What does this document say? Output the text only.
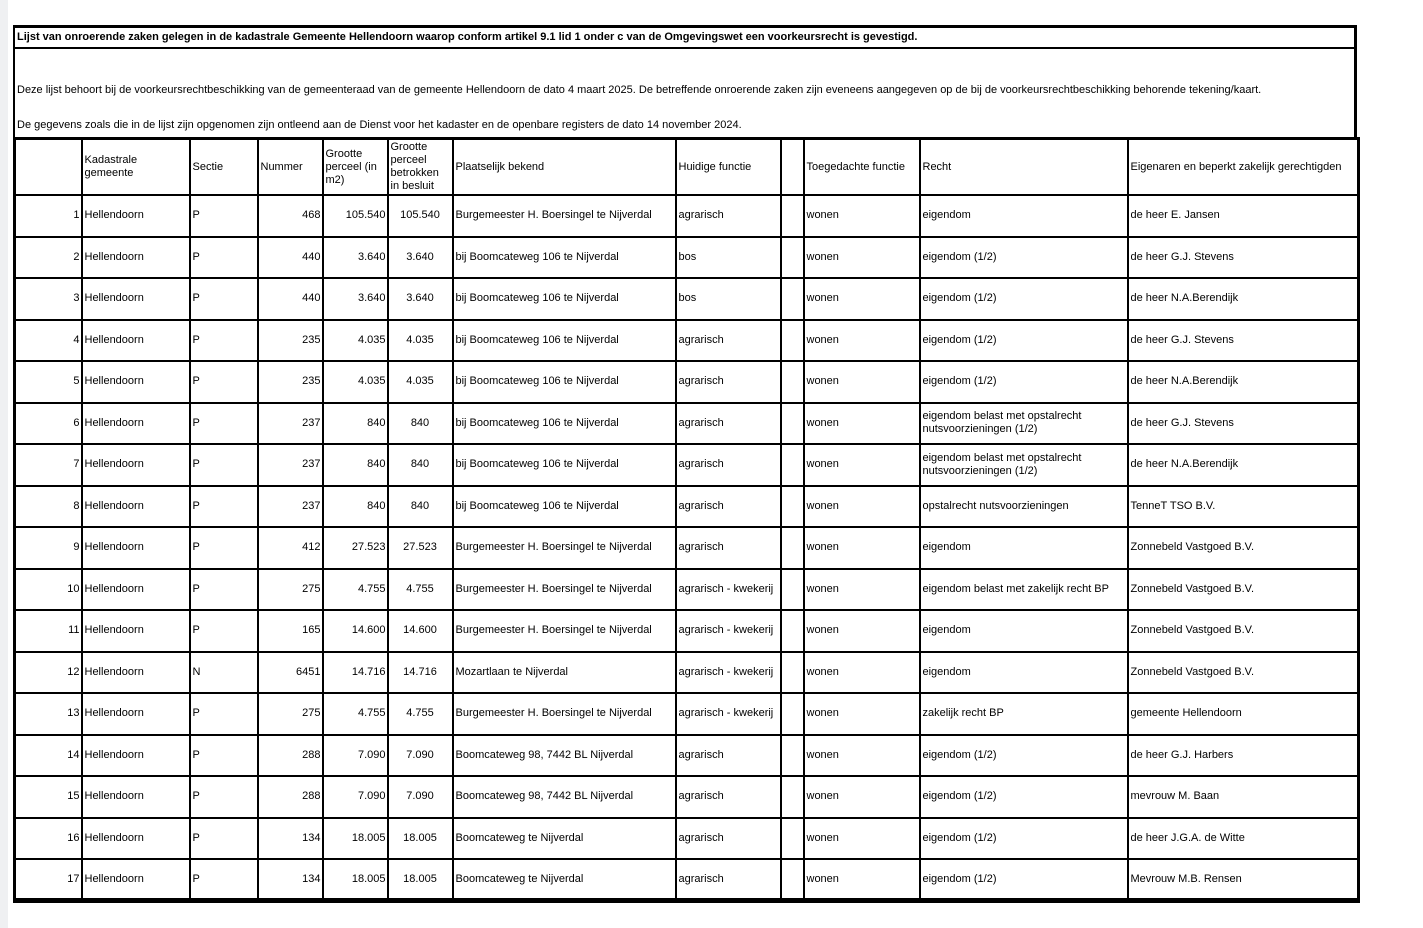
Lijst van onroerende zaken gelegen in de kadastrale Gemeente Hellendoorn waarop conform artikel 9.1 lid 1 onder c van de Omgevingswet een voorkeursrecht is gevestigd.
Deze lijst behoort bij de voorkeursrechtbeschikking van de gemeenteraad van de gemeente Hellendoorn de dato 4 maart 2025. De betreffende onroerende zaken zijn eveneens aangegeven op de bij de voorkeursrechtbeschikking behorende tekening/kaart.
De gegevens zoals die in de lijst zijn opgenomen zijn ontleend aan de Dienst voor het kadaster en de openbare registers de dato 14 november 2024.
	Kadastrale gemeente	Sectie	Nummer	Grootte perceel (in m2)	Grootte perceel betrokken in besluit	Plaatselijk bekend	Huidige functie		Toegedachte functie	Recht	Eigenaren en beperkt zakelijk gerechtigden
1	Hellendoorn	P	468	105.540	105.540	Burgemeester H. Boersingel te Nijverdal	agrarisch		wonen	eigendom	de heer E. Jansen
2	Hellendoorn	P	440	3.640	3.640	bij Boomcateweg 106 te Nijverdal	bos		wonen	eigendom (1/2)	de heer G.J. Stevens
3	Hellendoorn	P	440	3.640	3.640	bij Boomcateweg 106 te Nijverdal	bos		wonen	eigendom (1/2)	de heer N.A.Berendijk
4	Hellendoorn	P	235	4.035	4.035	bij Boomcateweg 106 te Nijverdal	agrarisch		wonen	eigendom (1/2)	de heer G.J. Stevens
5	Hellendoorn	P	235	4.035	4.035	bij Boomcateweg 106 te Nijverdal	agrarisch		wonen	eigendom (1/2)	de heer N.A.Berendijk
6	Hellendoorn	P	237	840	840	bij Boomcateweg 106 te Nijverdal	agrarisch		wonen	eigendom belast met opstalrecht nutsvoorzieningen (1/2)	de heer G.J. Stevens
7	Hellendoorn	P	237	840	840	bij Boomcateweg 106 te Nijverdal	agrarisch		wonen	eigendom belast met opstalrecht nutsvoorzieningen (1/2)	de heer N.A.Berendijk
8	Hellendoorn	P	237	840	840	bij Boomcateweg 106 te Nijverdal	agrarisch		wonen	opstalrecht nutsvoorzieningen	TenneT TSO B.V.
9	Hellendoorn	P	412	27.523	27.523	Burgemeester H. Boersingel te Nijverdal	agrarisch		wonen	eigendom	Zonnebeld Vastgoed B.V.
10	Hellendoorn	P	275	4.755	4.755	Burgemeester H. Boersingel te Nijverdal	agrarisch - kwekerij		wonen	eigendom belast met zakelijk recht BP	Zonnebeld Vastgoed B.V.
11	Hellendoorn	P	165	14.600	14.600	Burgemeester H. Boersingel te Nijverdal	agrarisch - kwekerij		wonen	eigendom	Zonnebeld Vastgoed B.V.
12	Hellendoorn	N	6451	14.716	14.716	Mozartlaan te Nijverdal	agrarisch - kwekerij		wonen	eigendom	Zonnebeld Vastgoed B.V.
13	Hellendoorn	P	275	4.755	4.755	Burgemeester H. Boersingel te Nijverdal	agrarisch - kwekerij		wonen	zakelijk recht BP	gemeente Hellendoorn
14	Hellendoorn	P	288	7.090	7.090	Boomcateweg 98, 7442 BL Nijverdal	agrarisch		wonen	eigendom (1/2)	de heer G.J. Harbers
15	Hellendoorn	P	288	7.090	7.090	Boomcateweg 98, 7442 BL Nijverdal	agrarisch		wonen	eigendom (1/2)	mevrouw M. Baan
16	Hellendoorn	P	134	18.005	18.005	Boomcateweg te Nijverdal	agrarisch		wonen	eigendom (1/2)	de heer J.G.A. de Witte
17	Hellendoorn	P	134	18.005	18.005	Boomcateweg te Nijverdal	agrarisch		wonen	eigendom (1/2)	Mevrouw M.B. Rensen
